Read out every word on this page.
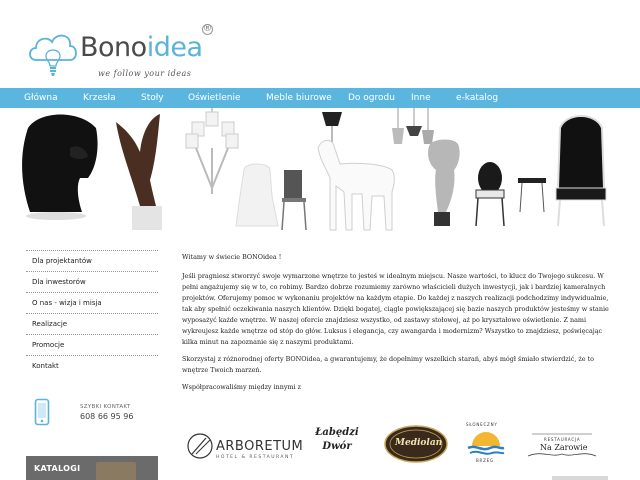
Bonoidea
®
we follow your ideas
Główna	Krzesła	Stoły	Oświetlenie	Meble biurowe Do ogrodu Inne	e-katalog
Dla projektantów
Dla inwestorów
O nas - wizja i misja
Realizacje
Promocje
Kontakt
SZYBKI KONTAKT
608 66 95 96
KATALOGI

Witamy w świecie BONOidea !

Jeśli pragniesz stworzyć swoje wymarzone wnętrze to jesteś w idealnym miejscu. Nasze wartości, to klucz do Twojego sukcesu. W pełni angażujemy się w to, co robimy. Bardzo dobrze rozumiemy zarówno właścicieli dużych inwestycji, jak i bardziej kameralnych projektów. Oferujemy pomoc w wykonaniu projektów na każdym etapie. Do każdej z naszych realizacji podchodzimy indywidualnie, tak aby spełnić oczekiwania naszych klientów. Dzięki bogatej, ciągle powiększającej się bazie naszych produktów jesteśmy w stanie wyposażyć każde wnętrze. W naszej ofercie znajdziesz wszystko, od zastawy stołowej, aż po kryształowe oświetlenie. Z nami wykreujesz każde wnętrze od stóp do głów. Luksus i elegancja, czy awangarda i modernizm? Wszystko to znajdziesz, poświęcając kilka minut na zapoznanie się z naszymi produktami.

Skorzystaj z różnorodnej oferty BONOidea, a gwarantujemy, że dopełnimy wszelkich starań, abyś mógł śmiało stwierdzić, że to wnętrze Twoich marzeń.

Współpracowaliśmy między innymi z

ARBORETUM
HOTEL & RESTAURANT
Łabędzi
Dwór	Mediolan
SŁONECZNY
BRZEG
RESTAURACJA
Na Zarowie
